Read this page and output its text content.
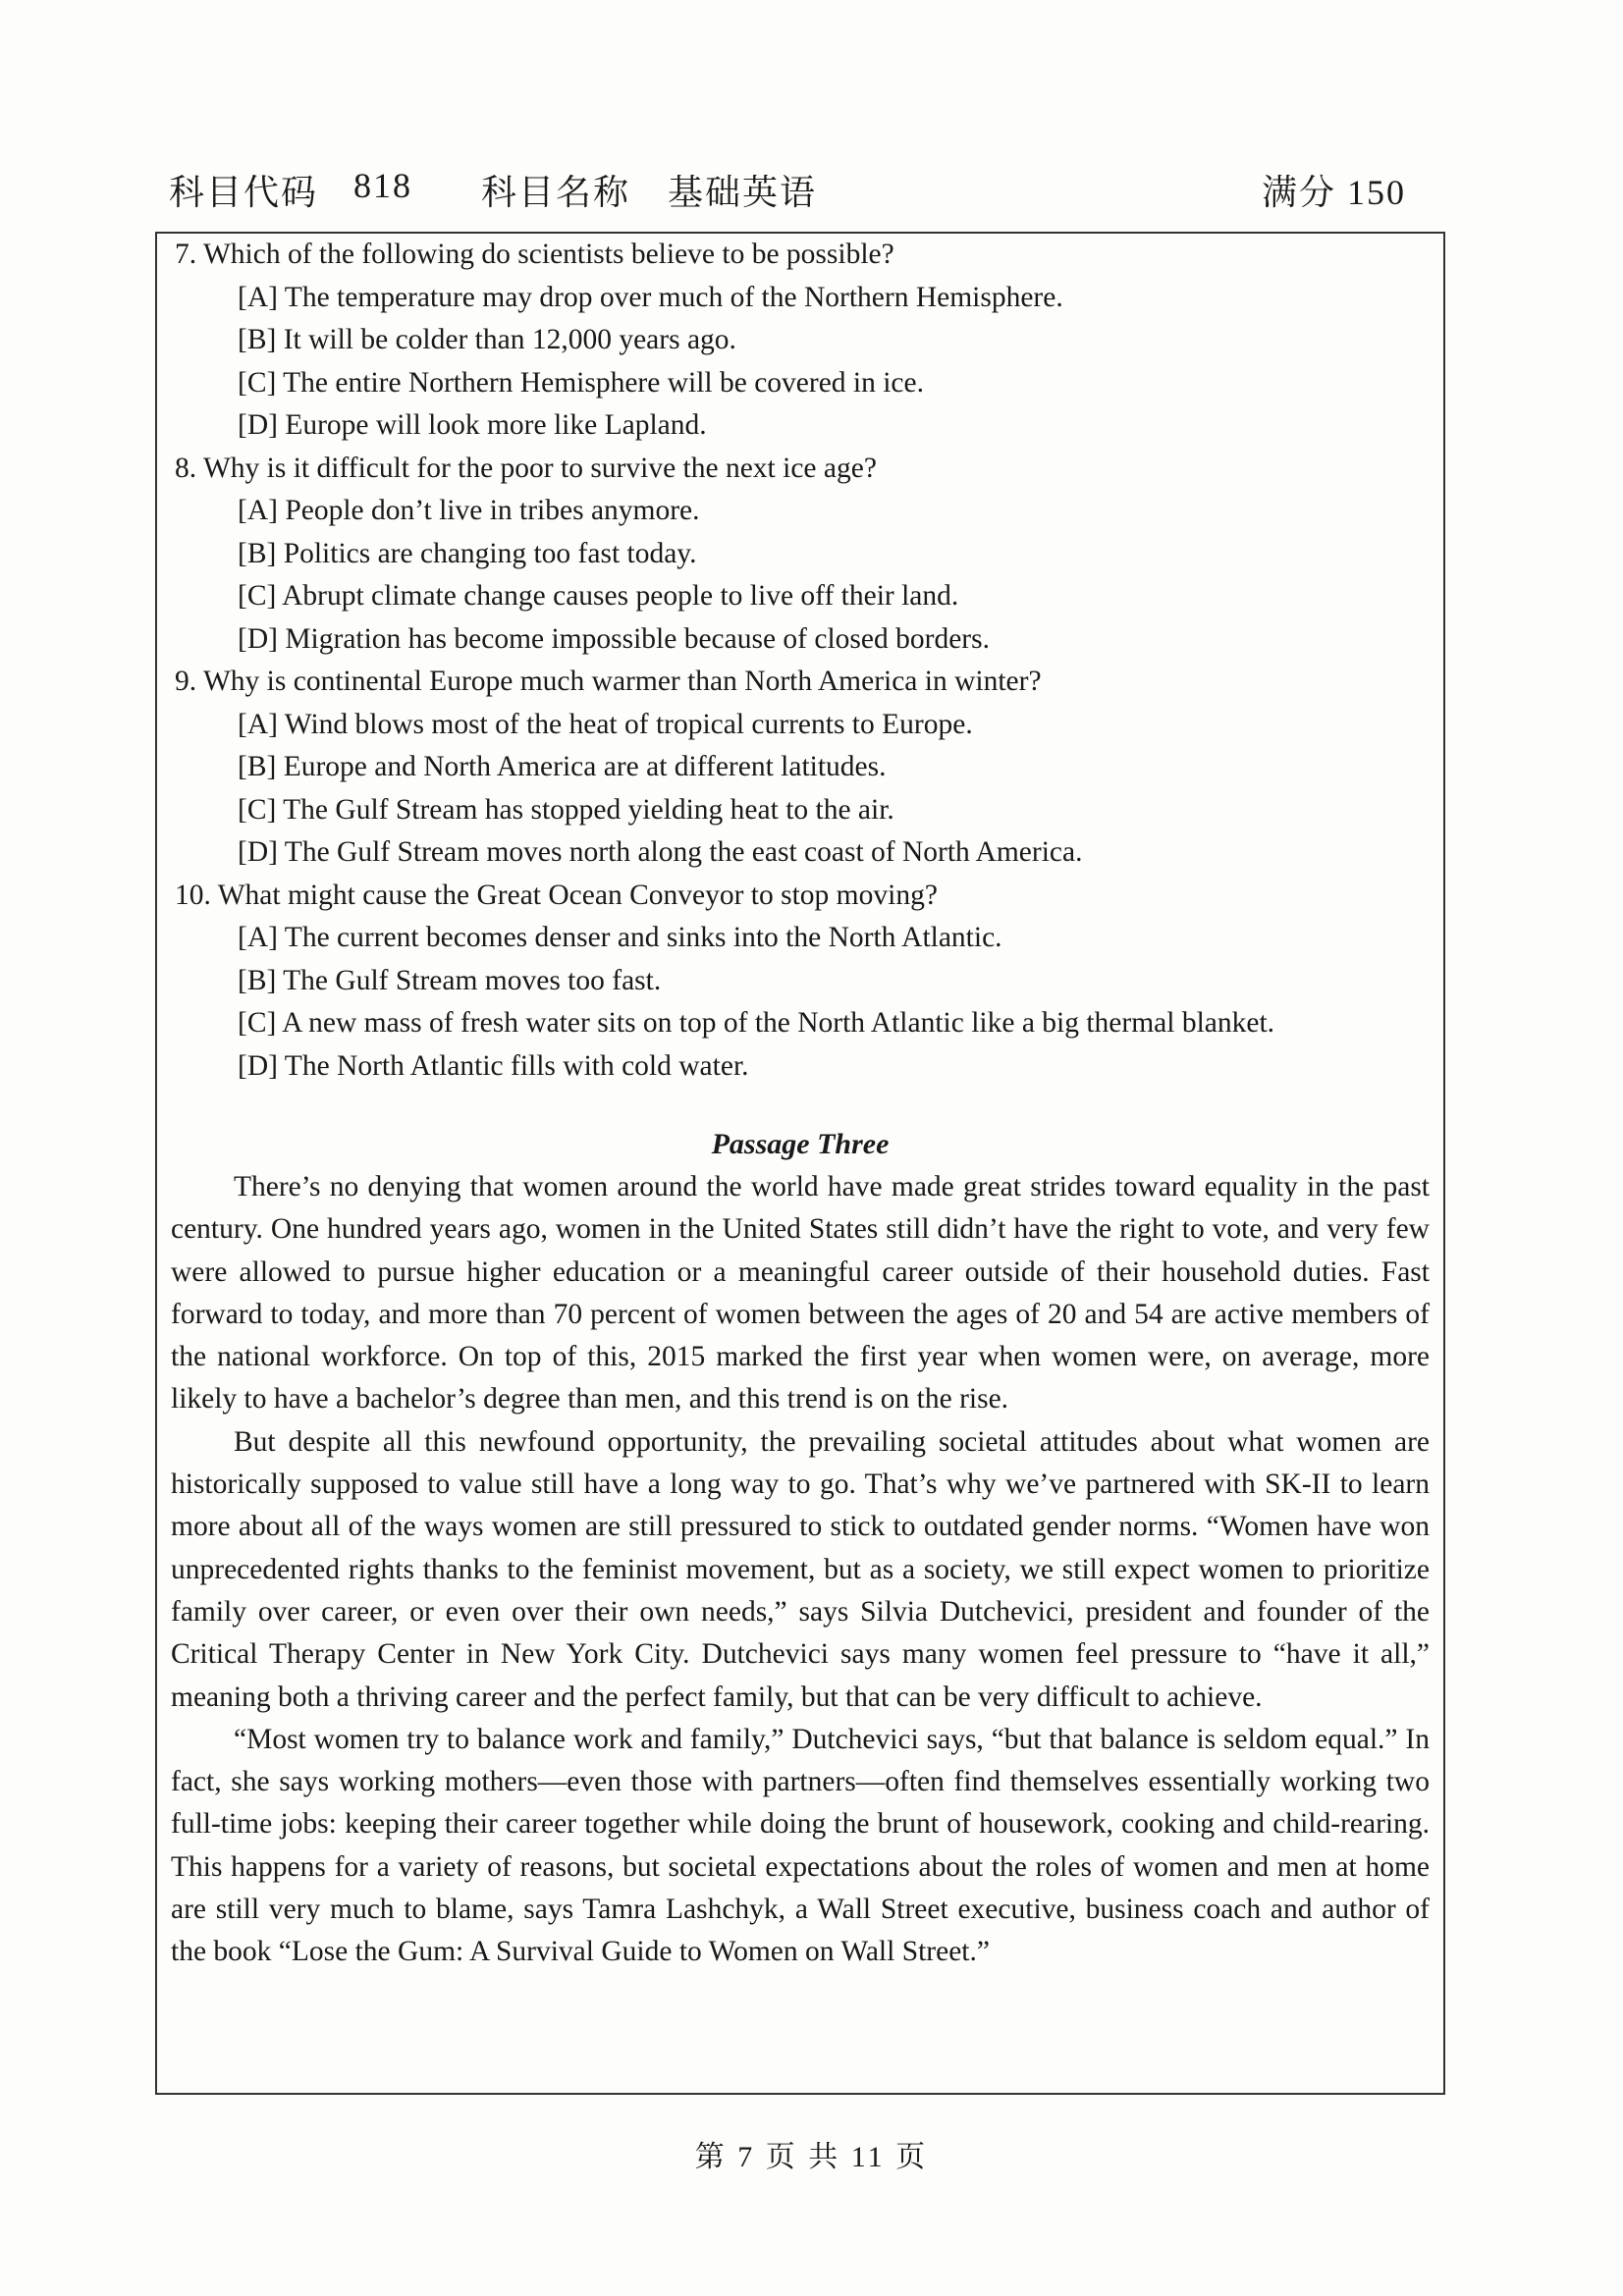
科目代码 818 科目名称 基础英语	满分 150
7. Which of the following do scientists believe to be possible?
[A] The temperature may drop over much of the Northern Hemisphere.
[B] It will be colder than 12,000 years ago.
[C] The entire Northern Hemisphere will be covered in ice.
[D] Europe will look more like Lapland.
8. Why is it difficult for the poor to survive the next ice age?
[A] People don’t live in tribes anymore.
[B] Politics are changing too fast today.
[C] Abrupt climate change causes people to live off their land.
[D] Migration has become impossible because of closed borders.
9. Why is continental Europe much warmer than North America in winter?
[A] Wind blows most of the heat of tropical currents to Europe.
[B] Europe and North America are at different latitudes.
[C] The Gulf Stream has stopped yielding heat to the air.
[D] The Gulf Stream moves north along the east coast of North America.
10. What might cause the Great Ocean Conveyor to stop moving?
[A] The current becomes denser and sinks into the North Atlantic.
[B] The Gulf Stream moves too fast.
[C] A new mass of fresh water sits on top of the North Atlantic like a big thermal blanket.
[D] The North Atlantic fills with cold water.
Passage Three

There’s no denying that women around the world have made great strides toward equality in the past century. One hundred years ago, women in the United States still didn’t have the right to vote, and very few were allowed to pursue higher education or a meaningful career outside of their household duties. Fast forward to today, and more than 70 percent of women between the ages of 20 and 54 are active members of the national workforce. On top of this, 2015 marked the first year when women were, on average, more likely to have a bachelor’s degree than men, and this trend is on the rise.

But despite all this newfound opportunity, the prevailing societal attitudes about what women are historically supposed to value still have a long way to go. That’s why we’ve partnered with SK-II to learn more about all of the ways women are still pressured to stick to outdated gender norms. “Women have won unprecedented rights thanks to the feminist movement, but as a society, we still expect women to prioritize family over career, or even over their own needs,” says Silvia Dutchevici, president and founder of the Critical Therapy Center in New York City. Dutchevici says many women feel pressure to “have it all,” meaning both a thriving career and the perfect family, but that can be very difficult to achieve.

“Most women try to balance work and family,” Dutchevici says, “but that balance is seldom equal.” In fact, she says working mothers—even those with partners—often find themselves essentially working two full-time jobs: keeping their career together while doing the brunt of housework, cooking and child-rearing. This happens for a variety of reasons, but societal expectations about the roles of women and men at home are still very much to blame, says Tamra Lashchyk, a Wall Street executive, business coach and author of the book “Lose the Gum: A Survival Guide to Women on Wall Street.”

第 7 页 共 11 页
